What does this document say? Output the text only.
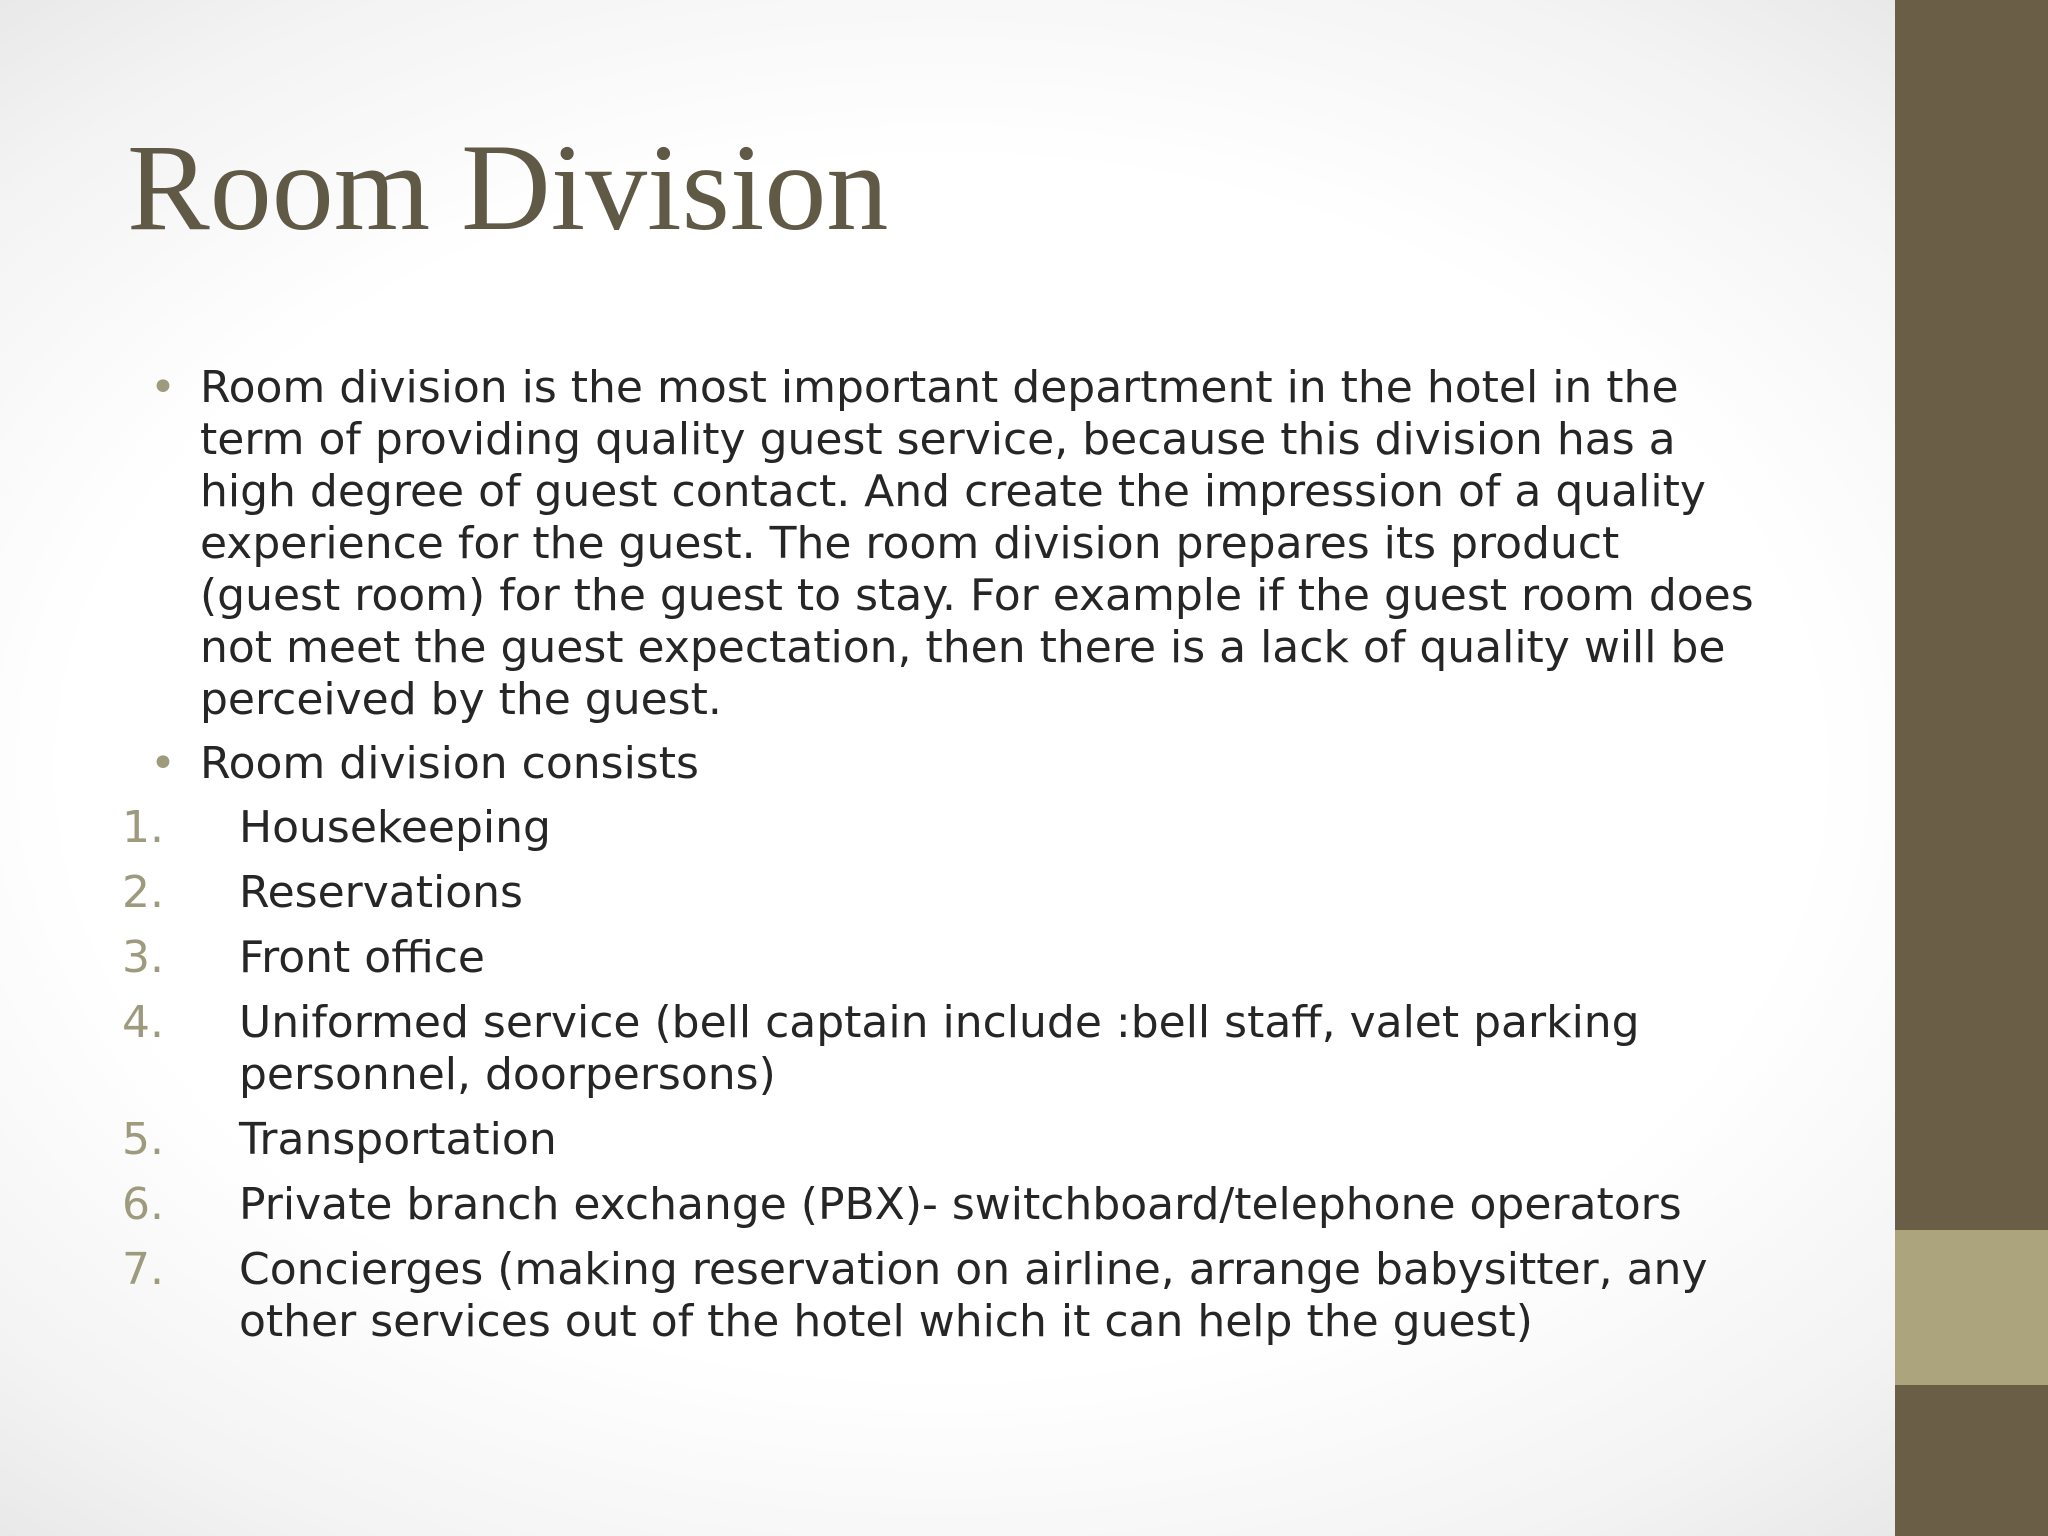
Room Division
• Room division is the most important department in the hotel in the term of providing quality guest service, because this division has a high degree of guest contact. And create the impression of a quality experience for the guest. The room division prepares its product (guest room) for the guest to stay. For example if the guest room does not meet the guest expectation, then there is a lack of quality will be perceived by the guest.
• Room division consists
1. Housekeeping
2. Reservations
3. Front office
4. Uniformed service (bell captain include :bell staff, valet parking personnel, doorpersons)
5. Transportation
6. Private branch exchange (PBX)- switchboard/telephone operators
7. Concierges (making reservation on airline, arrange babysitter, any other services out of the hotel which it can help the guest)
